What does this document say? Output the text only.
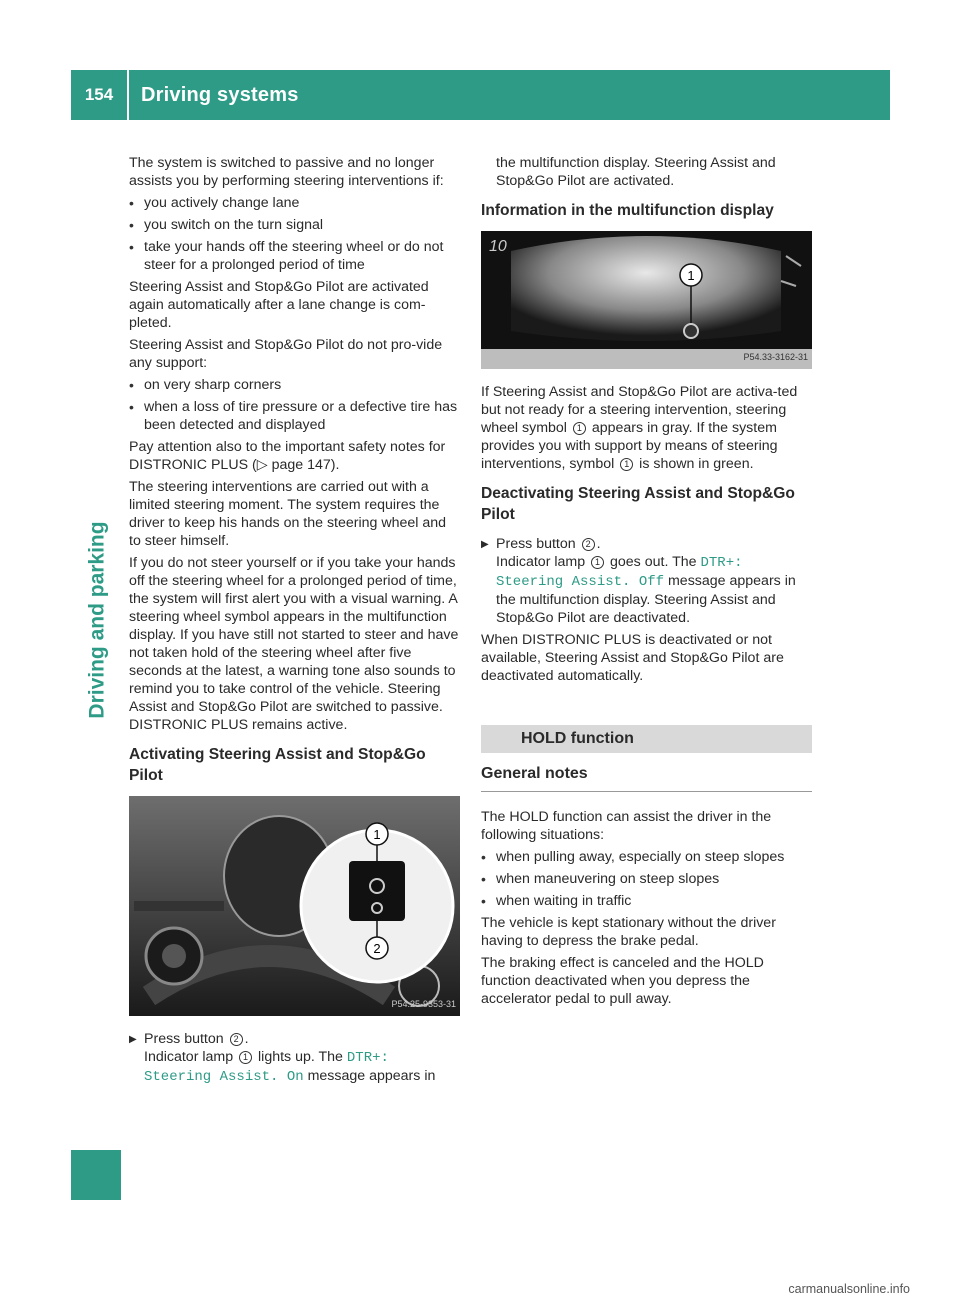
154	Driving systems
Driving and parking

The system is switched to passive and no longer assists you by performing steering interventions if:

• you actively change lane
• you switch on the turn signal
• take your hands off the steering wheel or do not steer for a prolonged period of time

Steering Assist and Stop&Go Pilot are activated again automatically after a lane change is com-pleted.

Steering Assist and Stop&Go Pilot do not pro-vide any support:

• on very sharp corners
• when a loss of tire pressure or a defective tire has been detected and displayed

Pay attention also to the important safety notes for DISTRONIC PLUS (▷ page 147).

The steering interventions are carried out with a limited steering moment. The system requires the driver to keep his hands on the steering wheel and to steer himself.

If you do not steer yourself or if you take your hands off the steering wheel for a prolonged period of time, the system will first alert you with a visual warning. A steering wheel symbol appears in the multifunction display. If you have still not started to steer and have not taken hold of the steering wheel after five seconds at the latest, a warning tone also sounds to remind you to take control of the vehicle. Steering Assist and Stop&Go Pilot are switched to passive. DISTRONIC PLUS remains active.

Activating Steering Assist and Stop&Go Pilot
1
2
P54.25-9353-31
▶ Press button 2 .
Indicator lamp 1 lights up. The DTR+: Steering Assist. On message appears in

the multifunction display. Steering Assist and Stop&Go Pilot are activated.

Information in the multifunction display
10
1
P54.33-3162-31

If Steering Assist and Stop&Go Pilot are activa-ted but not ready for a steering intervention, steering wheel symbol 1 appears in gray. If the system provides you with support by means of steering interventions, symbol 1 is shown in green.

Deactivating Steering Assist and Stop&Go Pilot
▶ Press button 2 .
Indicator lamp 1 goes out. The DTR+: Steering Assist. Off message appears in the multifunction display. Steering Assist and Stop&Go Pilot are deactivated.

When DISTRONIC PLUS is deactivated or not available, Steering Assist and Stop&Go Pilot are deactivated automatically.

HOLD function
General notes

The HOLD function can assist the driver in the following situations:

• when pulling away, especially on steep slopes
• when maneuvering on steep slopes
• when waiting in traffic

The vehicle is kept stationary without the driver having to depress the brake pedal.

The braking effect is canceled and the HOLD function deactivated when you depress the accelerator pedal to pull away.

carmanualsonline.info
